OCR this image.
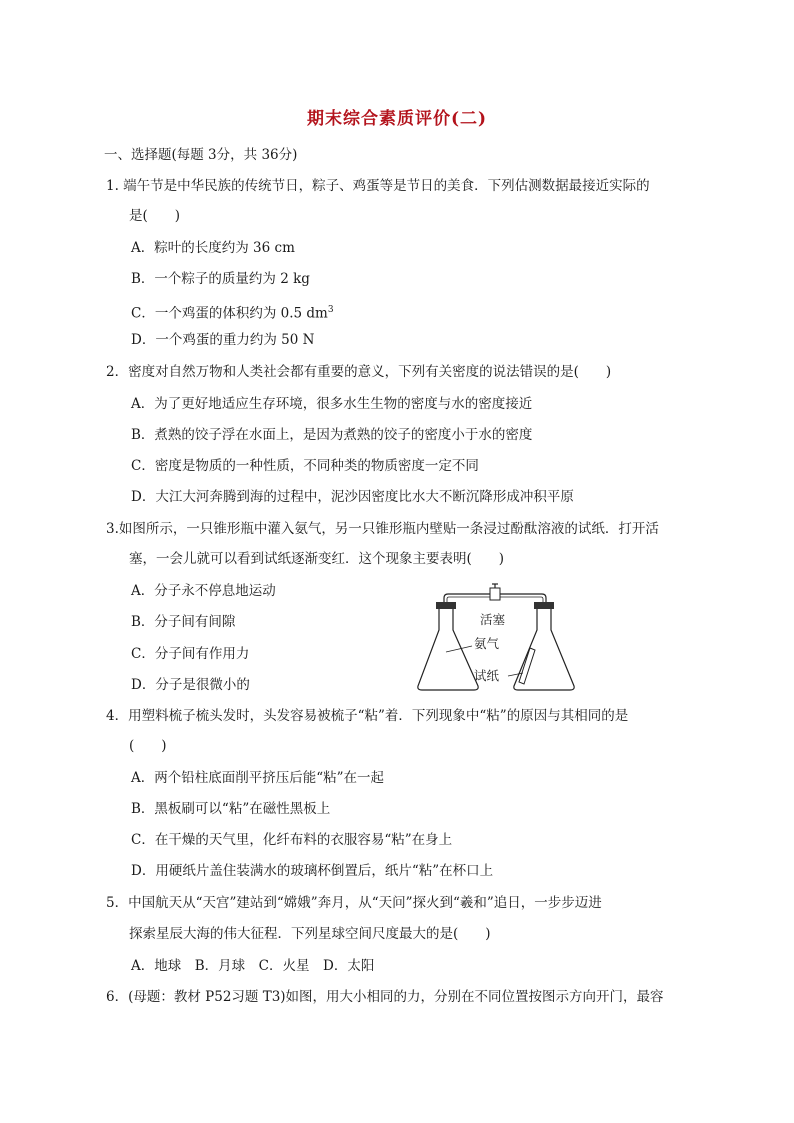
期末综合素质评价(二)
一、选择题(每题 3分，共 36分)
1. 端午节是中华民族的传统节日，粽子、鸡蛋等是节日的美食．下列估测数据最接近实际的
是(　　)
A．粽叶的长度约为 36 cm
B．一个粽子的质量约为 2 kg
C．一个鸡蛋的体积约为 0.5 $dm^3$
D．一个鸡蛋的重力约为 50 N
2．密度对自然万物和人类社会都有重要的意义，下列有关密度的说法错误的是(　　)
A．为了更好地适应生存环境，很多水生生物的密度与水的密度接近
B．煮熟的饺子浮在水面上，是因为煮熟的饺子的密度小于水的密度
C．密度是物质的一种性质，不同种类的物质密度一定不同
D．大江大河奔腾到海的过程中，泥沙因密度比水大不断沉降形成冲积平原
3.如图所示，一只锥形瓶中灌入氨气，另一只锥形瓶内壁贴一条浸过酚酞溶液的试纸．打开活
塞，一会儿就可以看到试纸逐渐变红．这个现象主要表明(　　)
A．分子永不停息地运动
B．分子间有间隙
C．分子间有作用力
D．分子是很微小的
活塞
氨气
试纸
4．用塑料梳子梳头发时，头发容易被梳子“粘”着．下列现象中“粘”的原因与其相同的是
(　　)
A．两个铅柱底面削平挤压后能“粘”在一起
B．黑板刷可以“粘”在磁性黑板上
C．在干燥的天气里，化纤布料的衣服容易“粘”在身上
D．用硬纸片盖住装满水的玻璃杯倒置后，纸片“粘”在杯口上
5．中国航天从“天宫”建站到“嫦娥”奔月，从“天问”探火到“羲和”追日，一步步迈进
探索星辰大海的伟大征程．下列星球空间尺度最大的是(　　)
A．地球　B．月球　C．火星　D．太阳
6．(母题：教材 P52习题 T3)如图，用大小相同的力，分别在不同位置按图示方向开门，最容
